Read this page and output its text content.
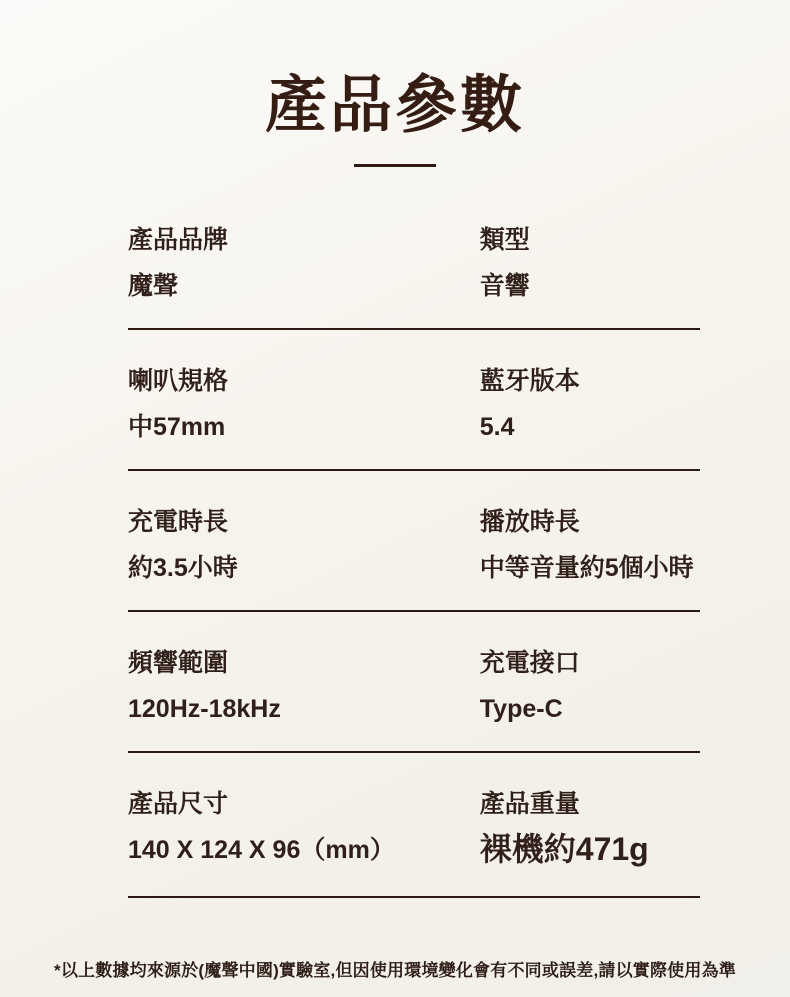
產品參數
產品品牌
魔聲
類型
音響
喇叭規格
中57mm
藍牙版本
5.4
充電時長
約3.5小時
播放時長
中等音量約5個小時
頻響範圍
120Hz-18kHz
充電接口
Type-C
產品尺寸
140 X 124 X 96（mm）
產品重量
裸機約471g
*以上數據均來源於(魔聲中國)實驗室,但因使用環境變化會有不同或誤差,請以實際使用為準
